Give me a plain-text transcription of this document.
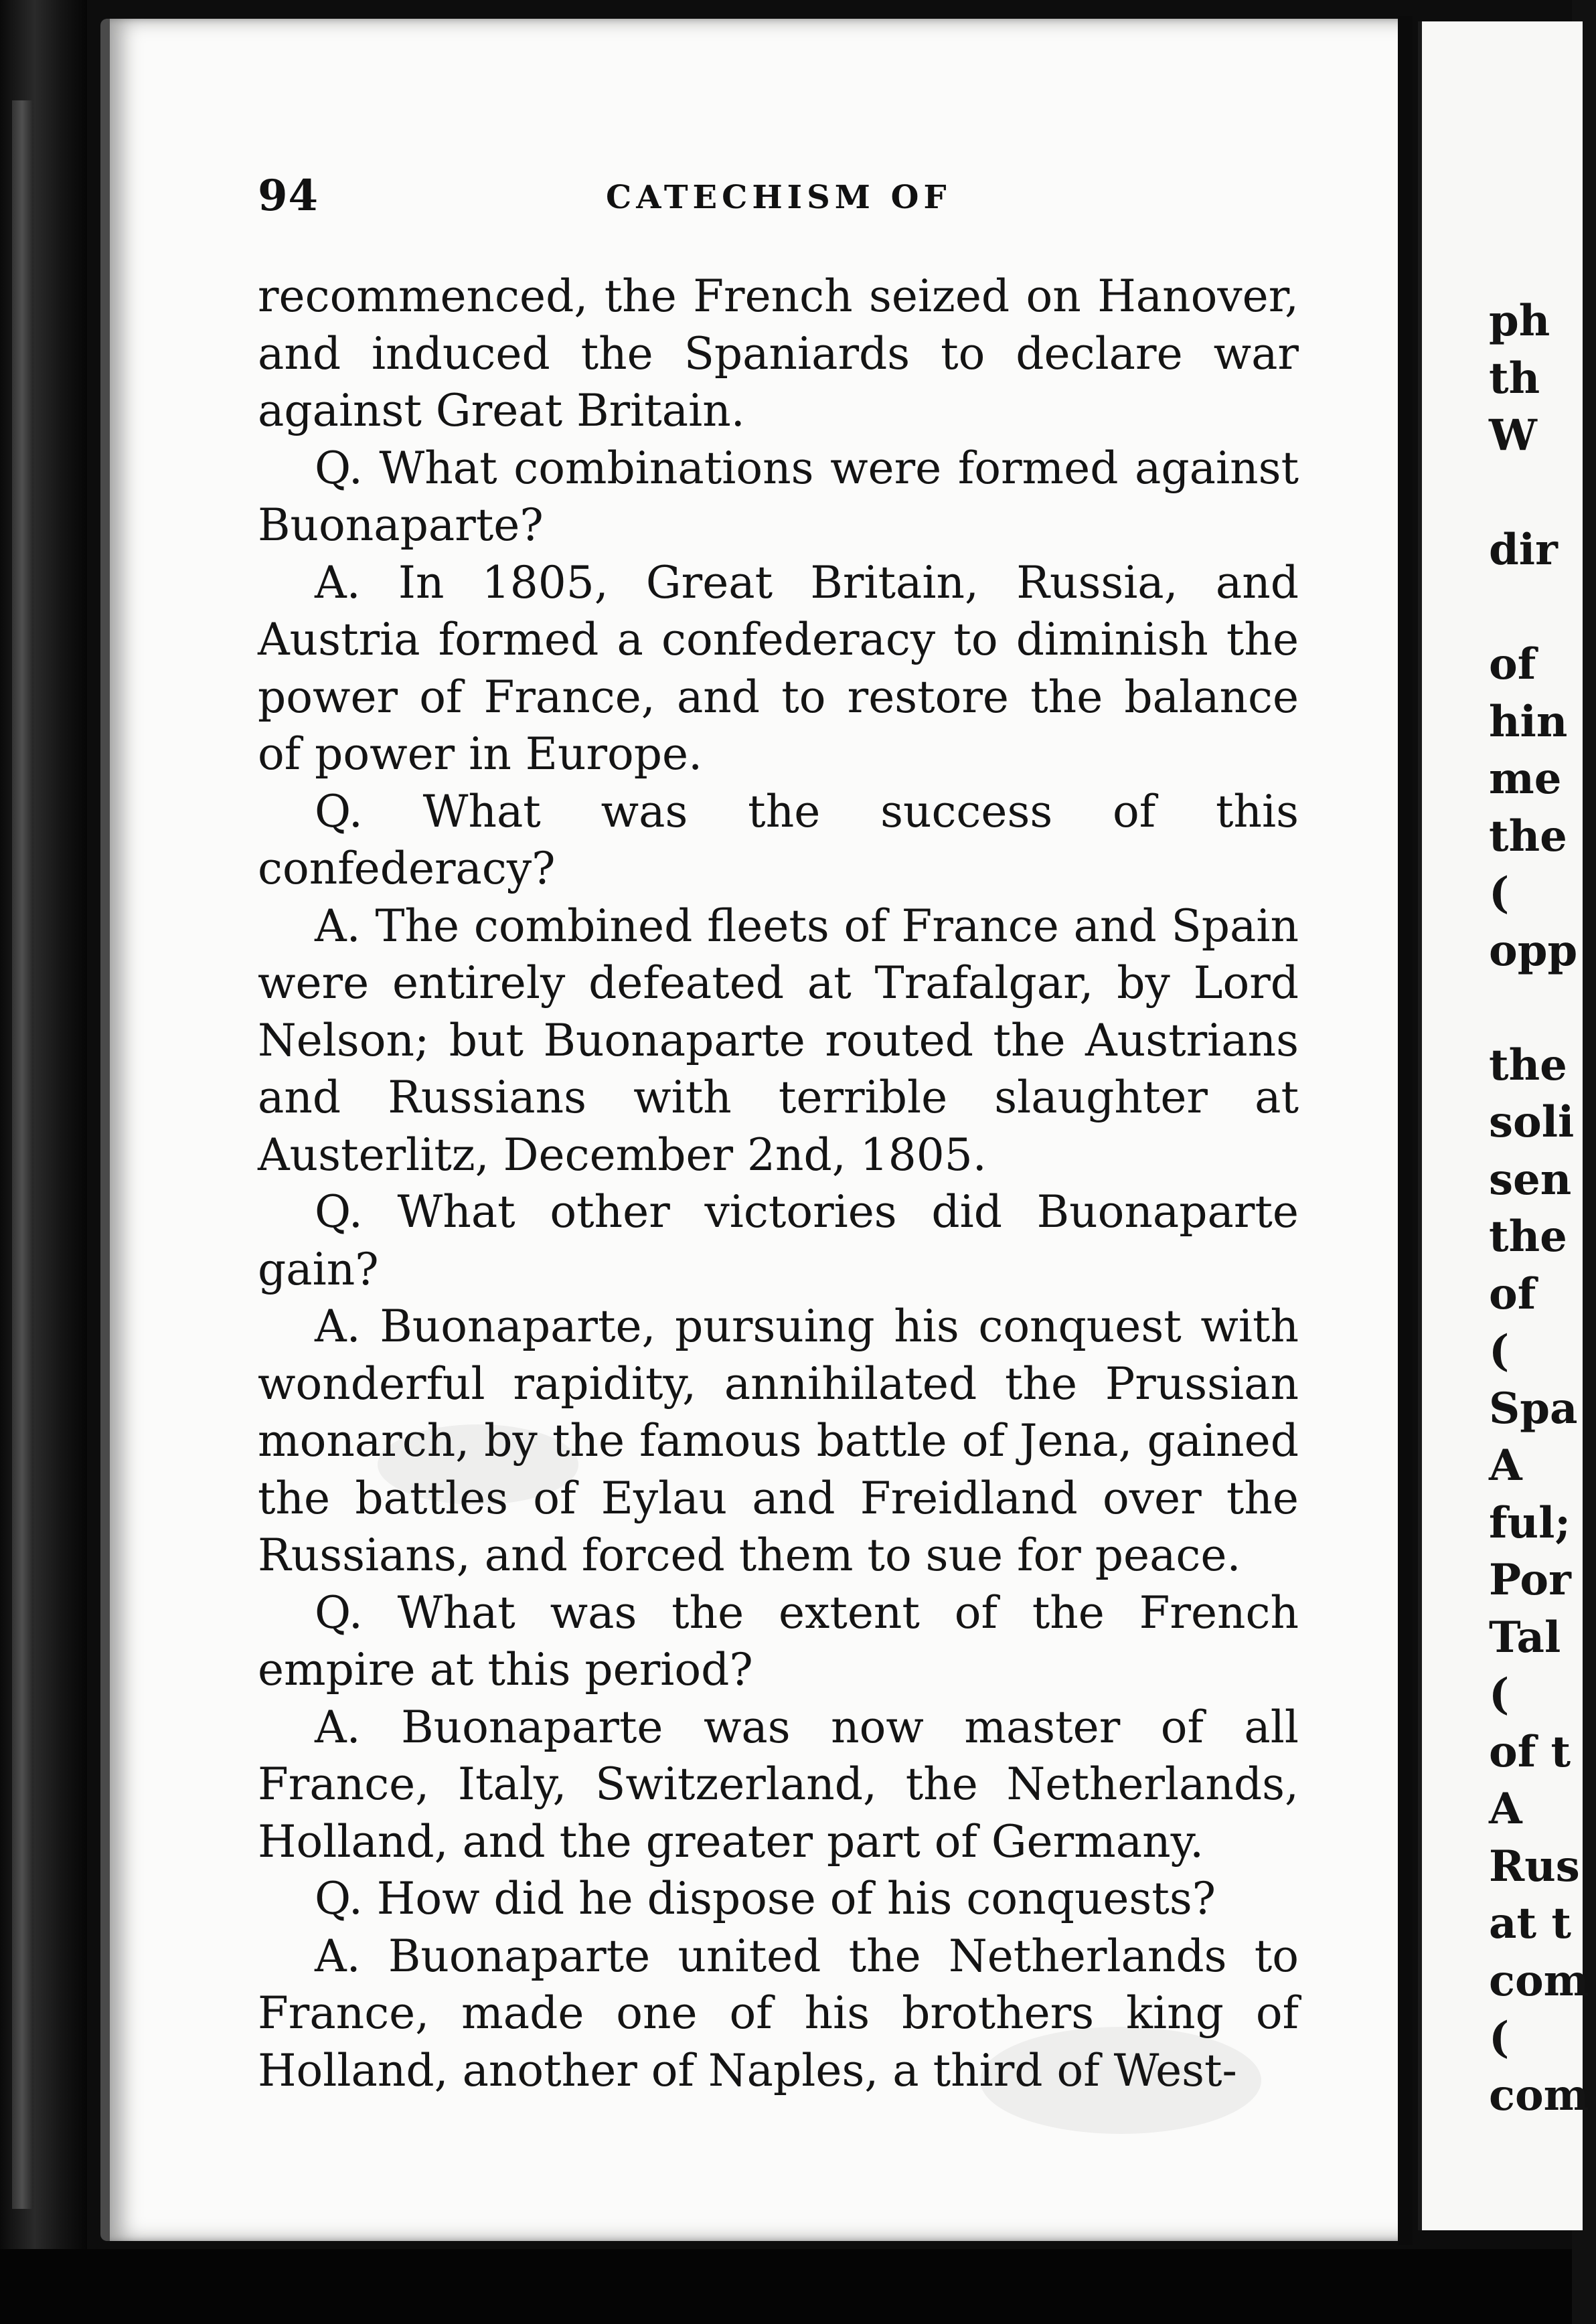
ph
th
W
dir
of
hin
me
the
(
opp
the
soli
sen
the
of
(
Spa
A
ful;
Por
Tal
(
of t
A
Rus
at t
com
(
com
94	CATECHISM OF

recommenced, the French seized on Hanover, and induced the Spaniards to declare war against Great Britain.

Q. What combinations were formed against Buonaparte?

A. In 1805, Great Britain, Russia, and Austria formed a confederacy to diminish the power of France, and to restore the balance of power in Europe.

Q. What was the success of this confederacy?

A. The combined fleets of France and Spain were entirely defeated at Trafalgar, by Lord Nelson; but Buonaparte routed the Austrians and Russians with terrible slaughter at Austerlitz, December 2nd, 1805.

Q. What other victories did Buonaparte gain?

A. Buonaparte, pursuing his conquest with wonderful rapidity, annihilated the Prussian monarch, by the famous battle of Jena, gained the battles of Eylau and Freidland over the Russians, and forced them to sue for peace.

Q. What was the extent of the French empire at this period?

A. Buonaparte was now master of all France, Italy, Switzerland, the Netherlands, Holland, and the greater part of Germany.

Q. How did he dispose of his conquests?

A. Buonaparte united the Netherlands to France, made one of his brothers king of Holland, another of Naples, a third of West-
